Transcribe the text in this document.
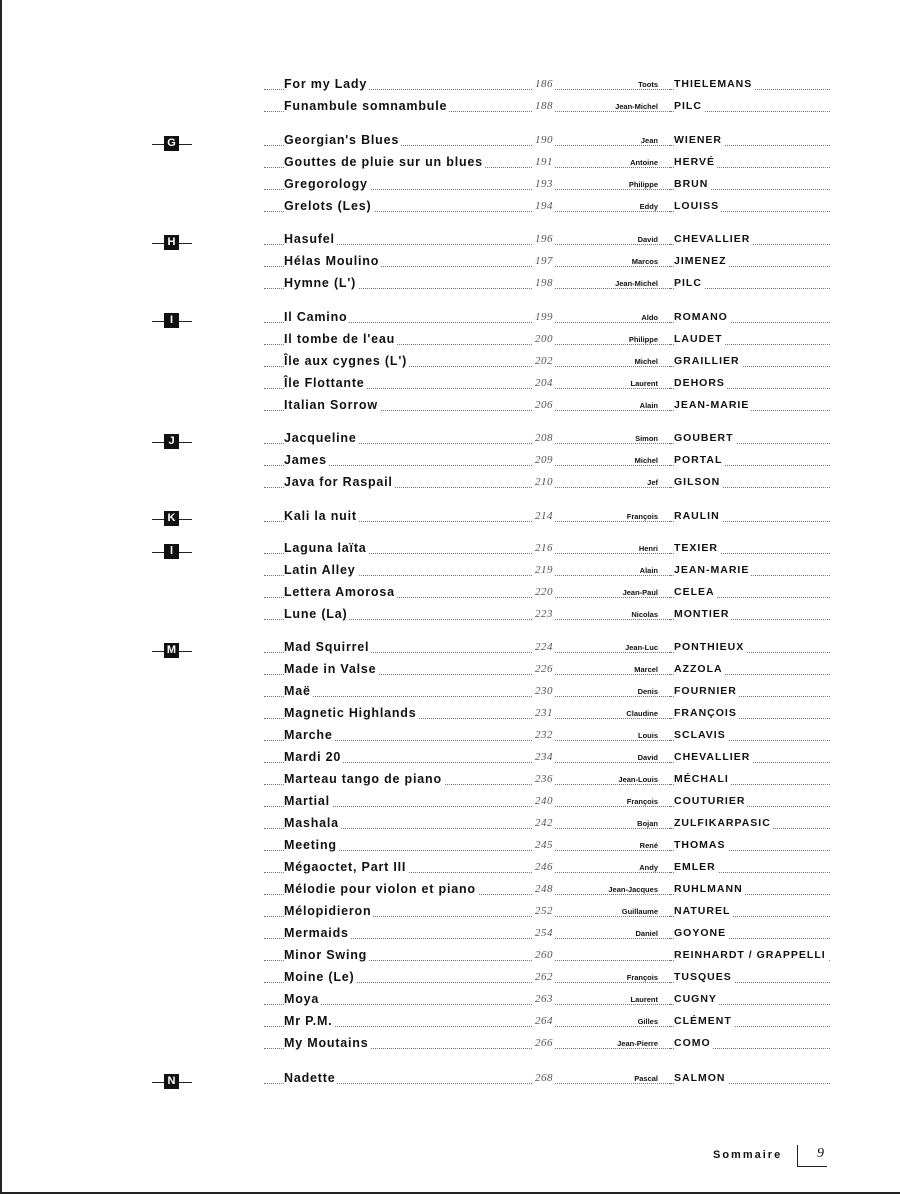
For my Lady	186	Toots THIELEMANS
Funambule somnambule	188	Jean-Michel PILC
Georgian's Blues	190	Jean WIENER
Gouttes de pluie sur un blues	191	Antoine HERVÉ
Gregorology	193	Philippe BRUN
Grelots (Les)	194	Eddy LOUISS
Hasufel	196	David CHEVALLIER
Hélas Moulino	197	Marcos JIMENEZ
Hymne (L')	198	Jean-Michel PILC
Il Camino	199	Aldo ROMANO
Il tombe de l'eau	200	Philippe LAUDET
Île aux cygnes (L')	202	Michel GRAILLIER
Île Flottante	204	Laurent DEHORS
Italian Sorrow	206	Alain JEAN-MARIE
Jacqueline	208	Simon GOUBERT
James	209	Michel PORTAL
Java for Raspail	210	Jef GILSON
Kali la nuit	214	François RAULIN
Laguna laïta	216	Henri TEXIER
Latin Alley	219	Alain JEAN-MARIE
Lettera Amorosa	220	Jean-Paul CELEA
Lune (La)	223	Nicolas MONTIER
Mad Squirrel	224	Jean-Luc PONTHIEUX
Made in Valse	226	Marcel AZZOLA
Maë	230	Denis FOURNIER
Magnetic Highlands	231	Claudine FRANÇOIS
Marche	232	Louis SCLAVIS
Mardi 20	234	David CHEVALLIER
Marteau tango de piano	236	Jean-Louis MÉCHALI
Martial	240	François COUTURIER
Mashala	242	Bojan ZULFIKARPASIC
Meeting	245	René THOMAS
Mégaoctet, Part III	246	Andy EMLER
Mélodie pour violon et piano	248	Jean-Jacques RUHLMANN
Mélopidieron	252	Guillaume NATUREL
Mermaids	254	Daniel GOYONE
Minor Swing	260	REINHARDT / GRAPPELLI
Moine (Le)	262	François TUSQUES
Moya	263	Laurent CUGNY
Mr P.M.	264	Gilles CLÉMENT
My Moutains	266	Jean-Pierre COMO
Nadette	268	Pascal SALMON
G
H
I
J
K
l
M
N
Sommaire 9
